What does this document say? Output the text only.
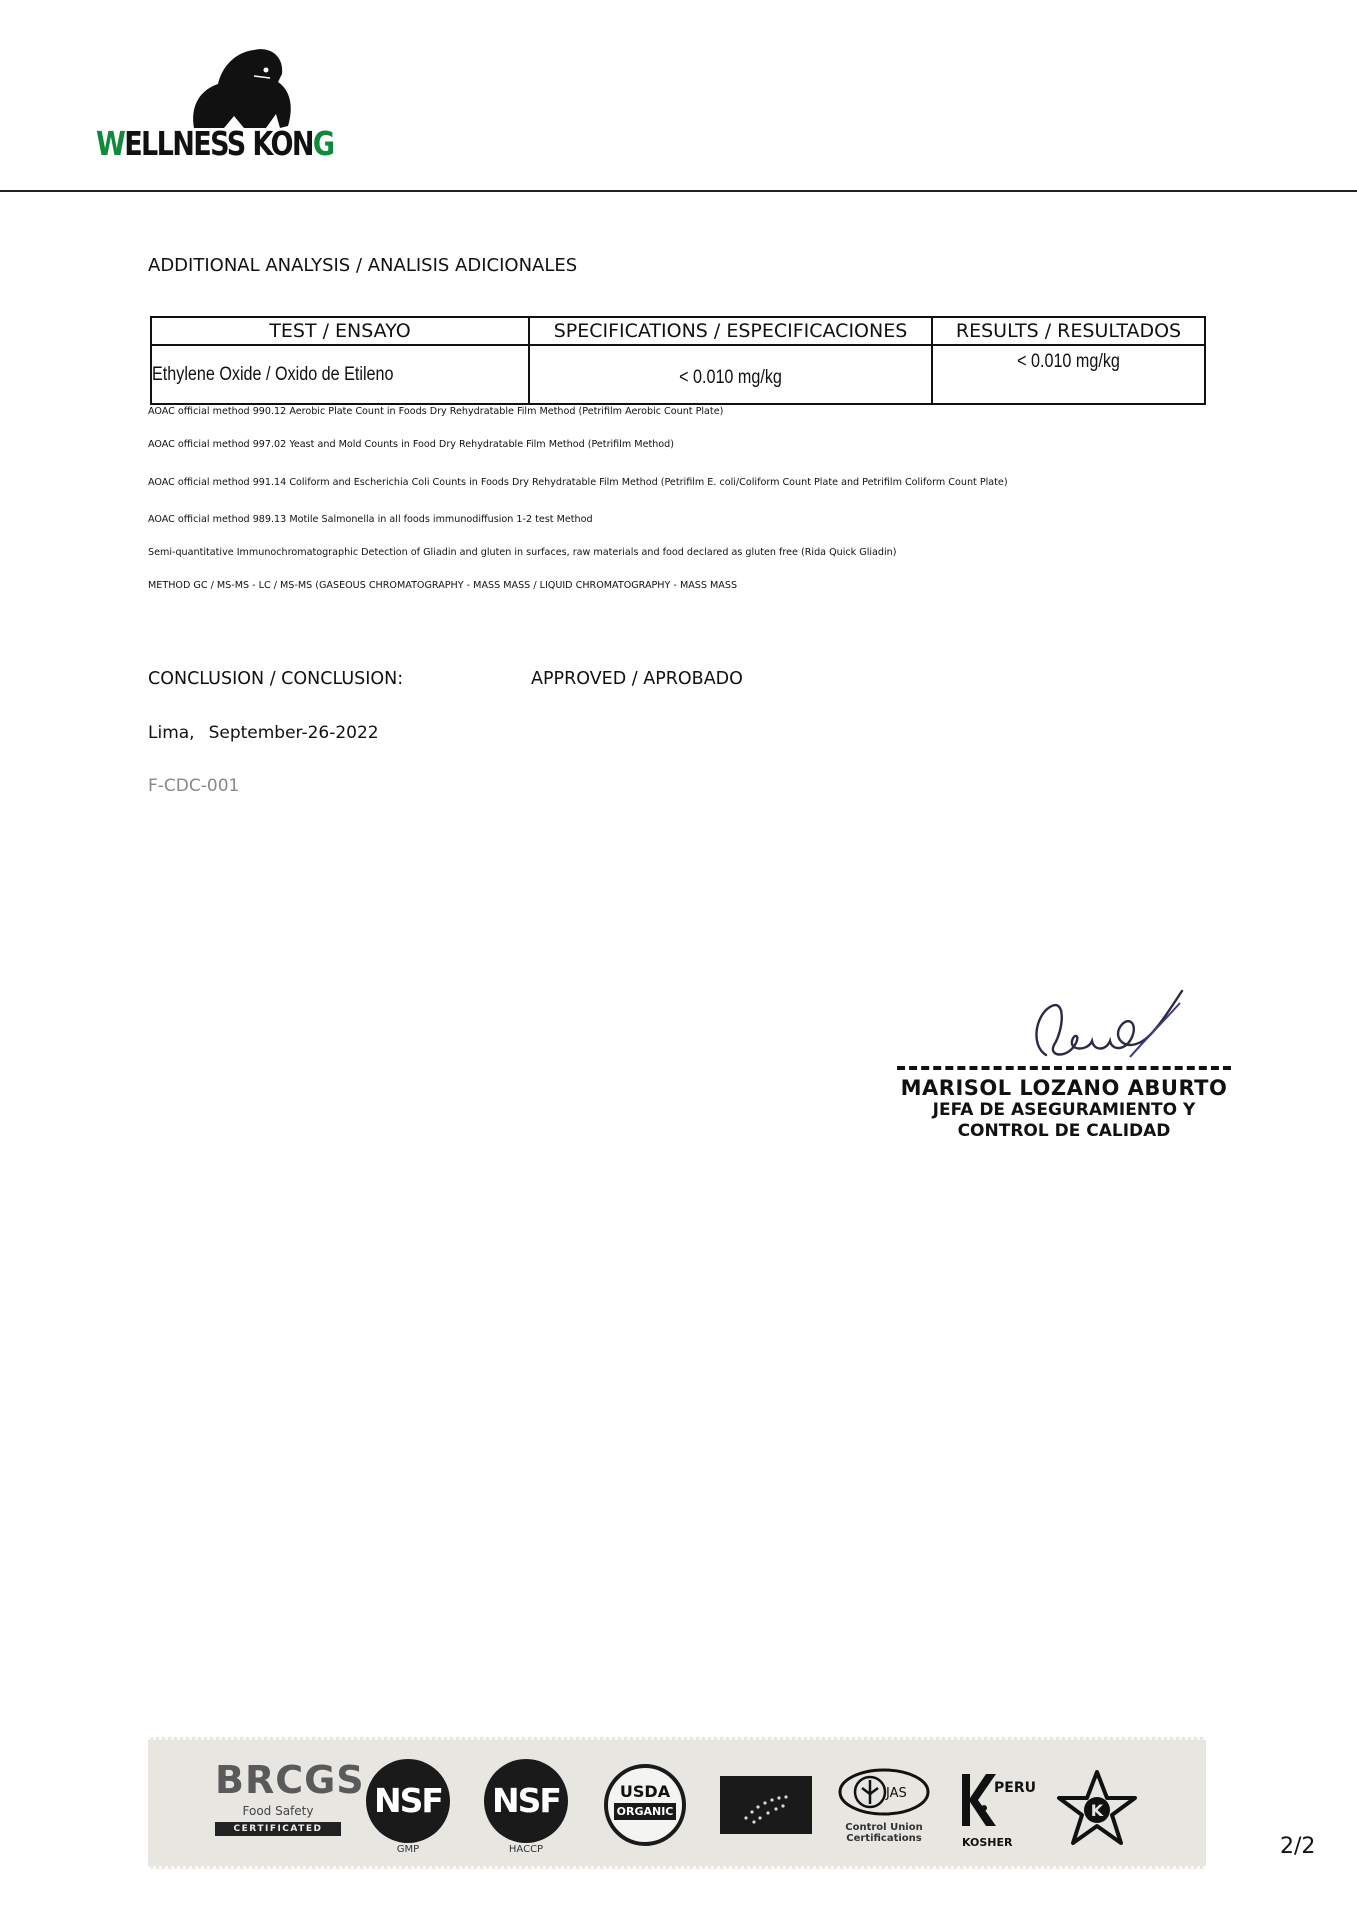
WELLNESS KONG
ADDITIONAL ANALYSIS / ANALISIS ADICIONALES
TEST / ENSAYO	SPECIFICATIONS / ESPECIFICACIONES	RESULTS / RESULTADOS
Ethylene Oxide / Oxido de Etileno	< 0.010 mg/kg	< 0.010 mg/kg
AOAC official method 990.12 Aerobic Plate Count in Foods Dry Rehydratable Film Method (Petrifilm Aerobic Count Plate)
AOAC official method 997.02 Yeast and Mold Counts in Food Dry Rehydratable Film Method (Petrifilm Method)
AOAC official method 991.14 Coliform and Escherichia Coli Counts in Foods Dry Rehydratable Film Method (Petrifilm E. coli/Coliform Count Plate and Petrifilm Coliform Count Plate)
AOAC official method 989.13 Motile Salmonella in all foods immunodiffusion 1-2 test Method
Semi-quantitative Immunochromatographic Detection of Gliadin and gluten in surfaces, raw materials and food declared as gluten free (Rida Quick Gliadin)
METHOD GC / MS-MS - LC / MS-MS (GASEOUS CHROMATOGRAPHY - MASS MASS / LIQUID CHROMATOGRAPHY - MASS MASS
CONCLUSION / CONCLUSION:	APPROVED / APROBADO
Lima, September-26-2022
F-CDC-001
MARISOL LOZANO ABURTO
JEFA DE ASEGURAMIENTO Y
CONTROL DE CALIDAD
BRCGS
Food Safety
CERTIFICATED
NSF
GMP
NSF
HACCP
USDA
ORGANIC
JAS
Control Union
Certifications
PERU
KOSHER
K
2/2
